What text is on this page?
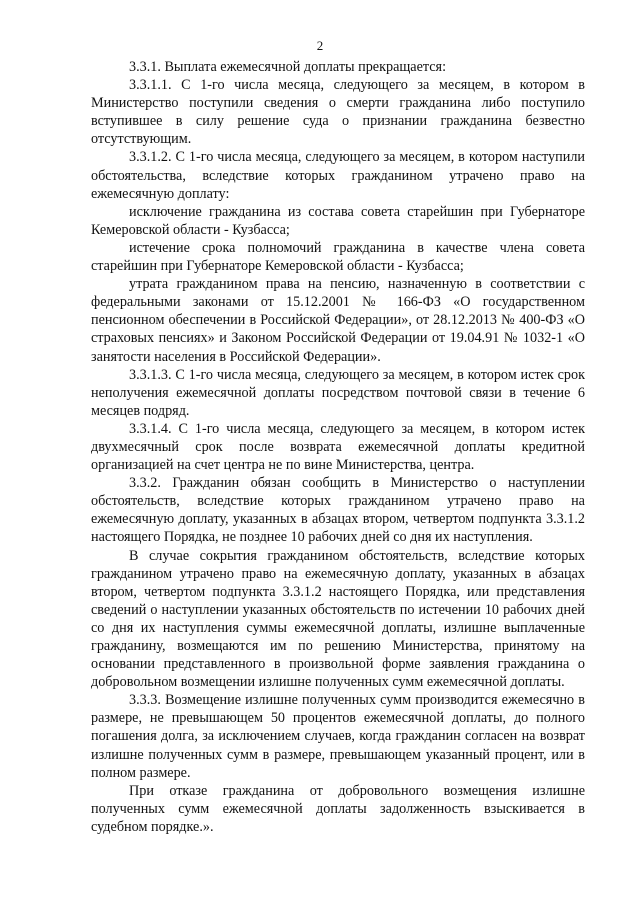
2

3.3.1. Выплата ежемесячной доплаты прекращается:

3.3.1.1. С 1-го числа месяца, следующего за месяцем, в котором в Министерство поступили сведения о смерти гражданина либо поступило вступившее в силу решение суда о признании гражданина безвестно отсутствующим.

3.3.1.2. С 1-го числа месяца, следующего за месяцем, в котором наступили обстоятельства, вследствие которых гражданином утрачено право на ежемесячную доплату:

исключение гражданина из состава совета старейшин при Губернаторе Кемеровской области - Кузбасса;

истечение срока полномочий гражданина в качестве члена совета старейшин при Губернаторе Кемеровской области - Кузбасса;

утрата гражданином права на пенсию, назначенную в соответствии с федеральными законами от 15.12.2001 № 166-ФЗ «О государственном пенсионном обеспечении в Российской Федерации», от 28.12.2013 № 400-ФЗ «О страховых пенсиях» и Законом Российской Федерации от 19.04.91 № 1032-1 «О занятости населения в Российской Федерации».

3.3.1.3. С 1-го числа месяца, следующего за месяцем, в котором истек срок неполучения ежемесячной доплаты посредством почтовой связи в течение 6 месяцев подряд.

3.3.1.4. С 1-го числа месяца, следующего за месяцем, в котором истек двухмесячный срок после возврата ежемесячной доплаты кредитной организацией на счет центра не по вине Министерства, центра.

3.3.2. Гражданин обязан сообщить в Министерство о наступлении обстоятельств, вследствие которых гражданином утрачено право на ежемесячную доплату, указанных в абзацах втором, четвертом подпункта 3.3.1.2 настоящего Порядка, не позднее 10 рабочих дней со дня их наступления.

В случае сокрытия гражданином обстоятельств, вследствие которых гражданином утрачено право на ежемесячную доплату, указанных в абзацах втором, четвертом подпункта 3.3.1.2 настоящего Порядка, или представления сведений о наступлении указанных обстоятельств по истечении 10 рабочих дней со дня их наступления суммы ежемесячной доплаты, излишне выплаченные гражданину, возмещаются им по решению Министерства, принятому на основании представленного в произвольной форме заявления гражданина о добровольном возмещении излишне полученных сумм ежемесячной доплаты.

3.3.3. Возмещение излишне полученных сумм производится ежемесячно в размере, не превышающем 50 процентов ежемесячной доплаты, до полного погашения долга, за исключением случаев, когда гражданин согласен на возврат излишне полученных сумм в размере, превышающем указанный процент, или в полном размере.

При отказе гражданина от добровольного возмещения излишне полученных сумм ежемесячной доплаты задолженность взыскивается в судебном порядке.».
